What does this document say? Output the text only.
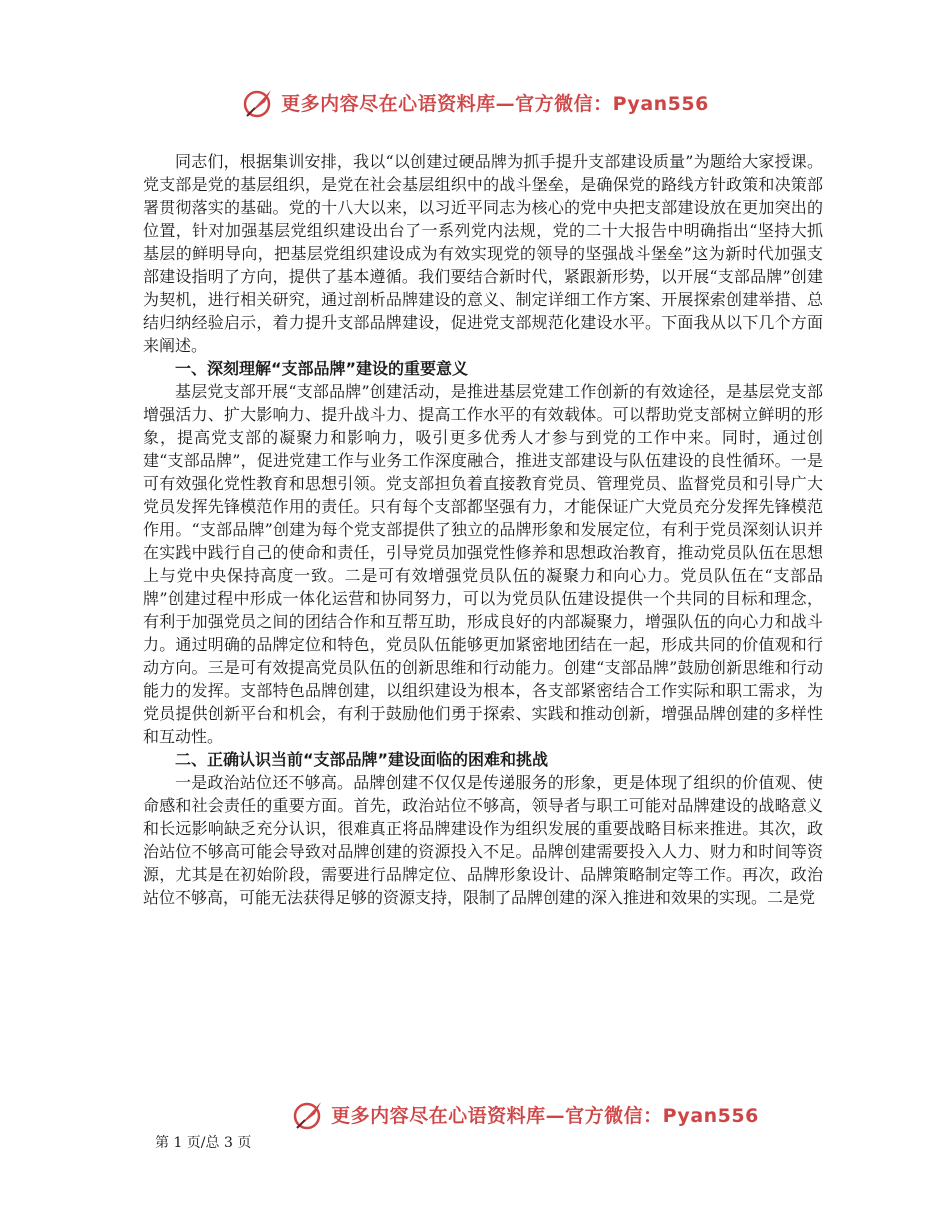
更多内容尽在心语资料库—官方微信：Pyan556

同志们，根据集训安排，我以“以创建过硬品牌为抓手提升支部建设质量”为题给大家授课。党支部是党的基层组织，是党在社会基层组织中的战斗堡垒，是确保党的路线方针政策和决策部署贯彻落实的基础。党的十八大以来，以习近平同志为核心的党中央把支部建设放在更加突出的位置，针对加强基层党组织建设出台了一系列党内法规，党的二十大报告中明确指出“坚持大抓基层的鲜明导向，把基层党组织建设成为有效实现党的领导的坚强战斗堡垒”这为新时代加强支部建设指明了方向，提供了基本遵循。我们要结合新时代，紧跟新形势，以开展“支部品牌”创建为契机，进行相关研究，通过剖析品牌建设的意义、制定详细工作方案、开展探索创建举措、总结归纳经验启示，着力提升支部品牌建设，促进党支部规范化建设水平。下面我从以下几个方面来阐述。

一、深刻理解“支部品牌”建设的重要意义

基层党支部开展“支部品牌”创建活动，是推进基层党建工作创新的有效途径，是基层党支部增强活力、扩大影响力、提升战斗力、提高工作水平的有效载体。可以帮助党支部树立鲜明的形象，提高党支部的凝聚力和影响力，吸引更多优秀人才参与到党的工作中来。同时，通过创建“支部品牌”，促进党建工作与业务工作深度融合，推进支部建设与队伍建设的良性循环。一是可有效强化党性教育和思想引领。党支部担负着直接教育党员、管理党员、监督党员和引导广大党员发挥先锋模范作用的责任。只有每个支部都坚强有力，才能保证广大党员充分发挥先锋模范作用。“支部品牌”创建为每个党支部提供了独立的品牌形象和发展定位，有利于党员深刻认识并在实践中践行自己的使命和责任，引导党员加强党性修养和思想政治教育，推动党员队伍在思想上与党中央保持高度一致。二是可有效增强党员队伍的凝聚力和向心力。党员队伍在“支部品牌”创建过程中形成一体化运营和协同努力，可以为党员队伍建设提供一个共同的目标和理念，有利于加强党员之间的团结合作和互帮互助，形成良好的内部凝聚力，增强队伍的向心力和战斗力。通过明确的品牌定位和特色，党员队伍能够更加紧密地团结在一起，形成共同的价值观和行动方向。三是可有效提高党员队伍的创新思维和行动能力。创建“支部品牌”鼓励创新思维和行动能力的发挥。支部特色品牌创建，以组织建设为根本，各支部紧密结合工作实际和职工需求，为党员提供创新平台和机会，有利于鼓励他们勇于探索、实践和推动创新，增强品牌创建的多样性和互动性。

二、正确认识当前“支部品牌”建设面临的困难和挑战

一是政治站位还不够高。品牌创建不仅仅是传递服务的形象，更是体现了组织的价值观、使命感和社会责任的重要方面。首先，政治站位不够高，领导者与职工可能对品牌建设的战略意义和长远影响缺乏充分认识，很难真正将品牌建设作为组织发展的重要战略目标来推进。其次，政治站位不够高可能会导致对品牌创建的资源投入不足。品牌创建需要投入人力、财力和时间等资源，尤其是在初始阶段，需要进行品牌定位、品牌形象设计、品牌策略制定等工作。再次，政治站位不够高，可能无法获得足够的资源支持，限制了品牌创建的深入推进和效果的实现。二是党

更多内容尽在心语资料库—官方微信：Pyan556
第 1 页/总 3 页
